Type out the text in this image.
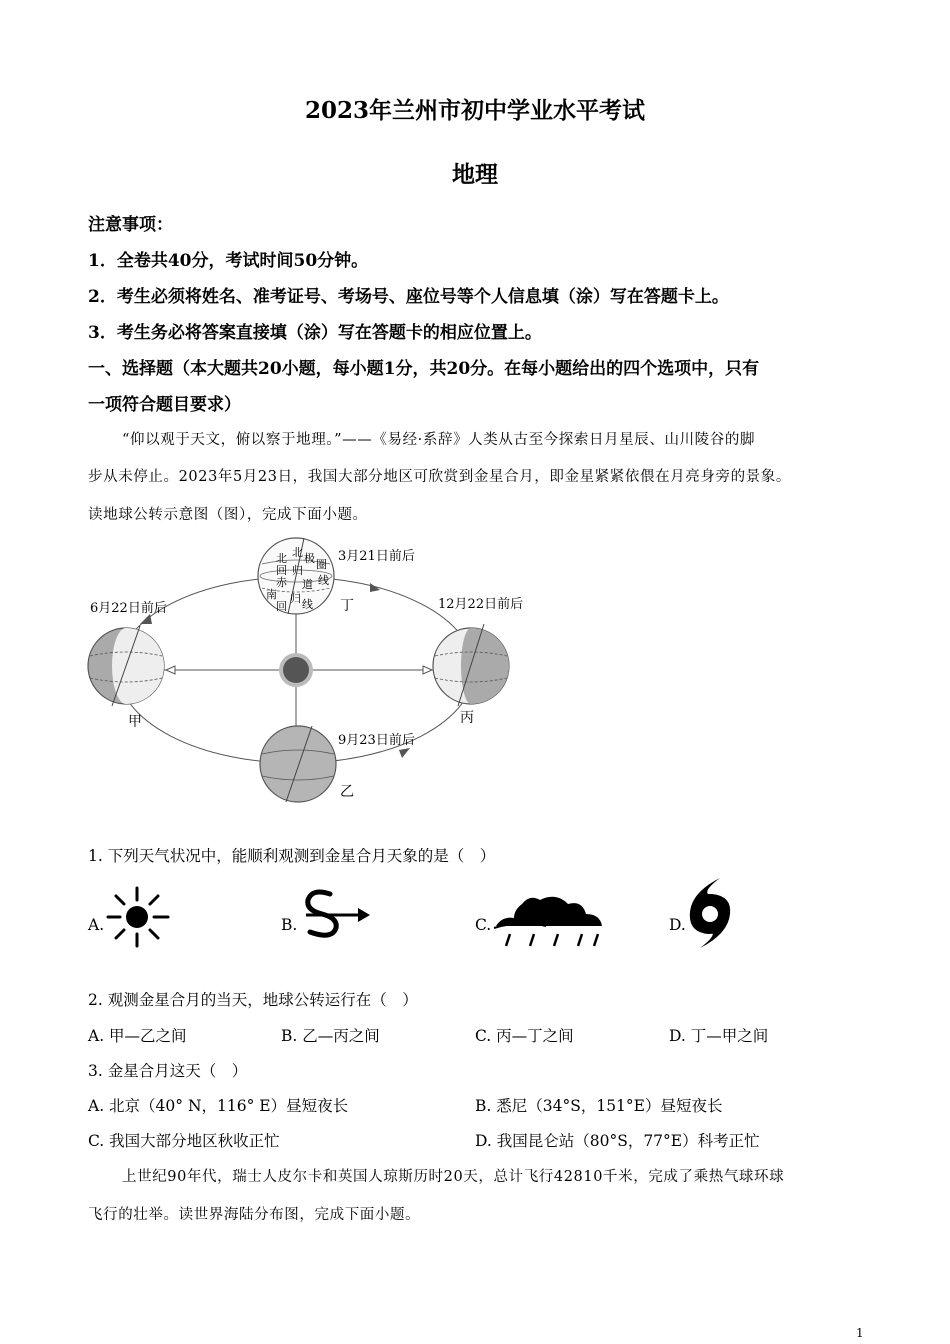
2023年兰州市初中学业水平考试
地理
注意事项：
1．全卷共40分，考试时间50分钟。
2．考生必须将姓名、准考证号、考场号、座位号等个人信息填（涂）写在答题卡上。
3．考生务必将答案直接填（涂）写在答题卡的相应位置上。
一、选择题（本大题共20小题，每小题1分，共20分。在每小题给出的四个选项中，只有
一项符合题目要求）
“仰以观于天文，俯以察于地理。”——《易经·系辞》人类从古至今探索日月星辰、山川陵谷的脚
步从未停止。2023年5月23日，我国大部分地区可欣赏到金星合月，即金星紧紧依偎在月亮身旁的景象。
读地球公转示意图（图），完成下面小题。
北 北
回
极 圈
赤
归
线
道
南
回
归 线
3月21日前后
12月22日前后
6月22日前后
9月23日前后
甲
乙
丙
丁
1. 下列天气状况中，能顺利观测到金星合月天象的是（　）
A.	B.	C.	D.
2. 观测金星合月的当天，地球公转运行在（　）
A. 甲—乙之间	B. 乙—丙之间	C. 丙—丁之间	D. 丁—甲之间
3. 金星合月这天（　）
A. 北京（40° N，116° E）昼短夜长	B. 悉尼（34°S，151°E）昼短夜长
C. 我国大部分地区秋收正忙	D. 我国昆仑站（80°S，77°E）科考正忙
上世纪90年代，瑞士人皮尔卡和英国人琼斯历时20天，总计飞行42810千米，完成了乘热气球环球
飞行的壮举。读世界海陆分布图，完成下面小题。
1
